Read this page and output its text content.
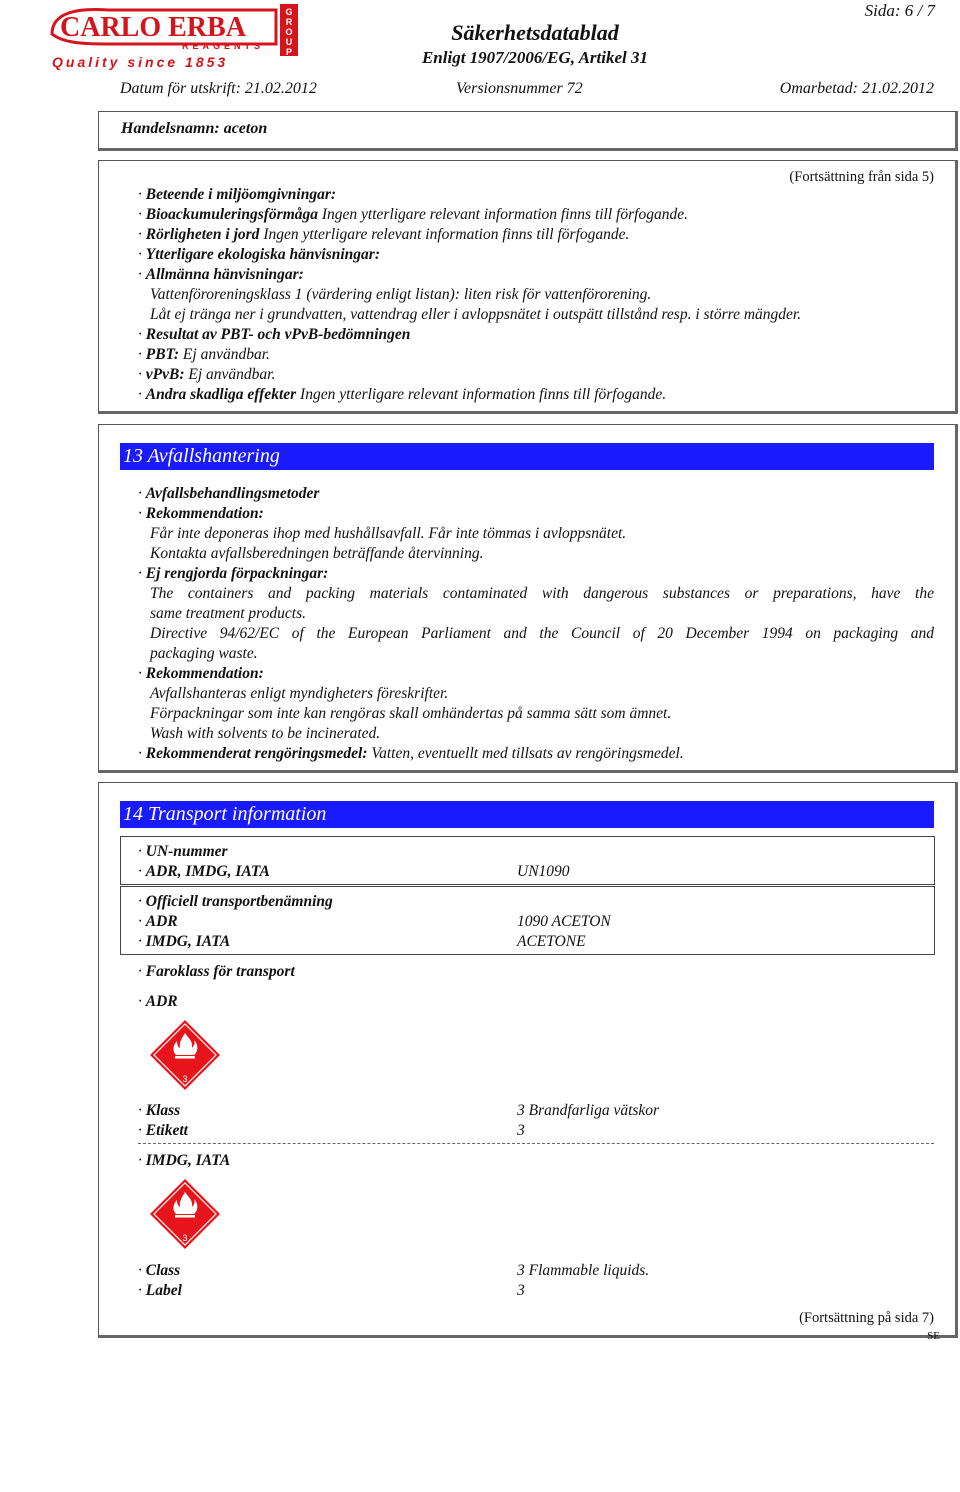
CARLO ERBA
REAGENTS
G
R
O
U
P
Quality since 1853
Säkerhetsdatablad
Enligt 1907/2006/EG, Artikel 31
Sida: 6 / 7
Datum för utskrift: 21.02.2012	Versionsnummer 72	Omarbetad: 21.02.2012
Handelsnamn: aceton
(Fortsättning från sida 5)
· Beteende i miljöomgivningar:
· Bioackumuleringsförmåga Ingen ytterligare relevant information finns till förfogande.
· Rörligheten i jord Ingen ytterligare relevant information finns till förfogande.
· Ytterligare ekologiska hänvisningar:
· Allmänna hänvisningar:
Vattenföroreningsklass 1 (värdering enligt listan): liten risk för vattenförorening.
Låt ej tränga ner i grundvatten, vattendrag eller i avloppsnätet i outspätt tillstånd resp. i större mängder.
· Resultat av PBT- och vPvB-bedömningen
· PBT: Ej användbar.
· vPvB: Ej användbar.
· Andra skadliga effekter Ingen ytterligare relevant information finns till förfogande.
13 Avfallshantering
· Avfallsbehandlingsmetoder
· Rekommendation:
Får inte deponeras ihop med hushållsavfall. Får inte tömmas i avloppsnätet.
Kontakta avfallsberedningen beträffande återvinning.
· Ej rengjorda förpackningar:
The containers and packing materials contaminated with dangerous substances or preparations, have the
same treatment products.
Directive 94/62/EC of the European Parliament and the Council of 20 December 1994 on packaging and
packaging waste.
· Rekommendation:
Avfallshanteras enligt myndigheters föreskrifter.
Förpackningar som inte kan rengöras skall omhändertas på samma sätt som ämnet.
Wash with solvents to be incinerated.
· Rekommenderat rengöringsmedel: Vatten, eventuellt med tillsats av rengöringsmedel.
14 Transport information
· UN-nummer
· ADR, IMDG, IATA	UN1090
· Officiell transportbenämning
· ADR	1090 ACETON
· IMDG, IATA	ACETONE
· Faroklass för transport
· ADR
3
· Klass	3 Brandfarliga vätskor
· Etikett	3
· IMDG, IATA
3
· Class	3 Flammable liquids.
· Label	3
(Fortsättning på sida 7)
SE
